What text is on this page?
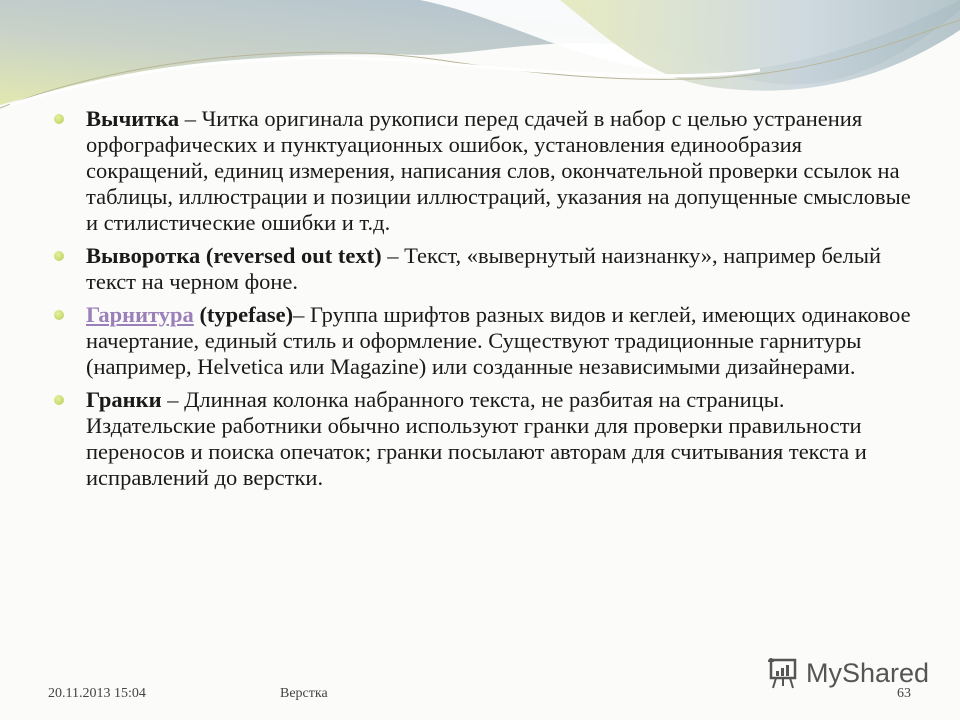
Вычитка – Читка оригинала рукописи перед сдачей в набор с целью устранения орфографических и пунктуационных ошибок, установления единообразия сокращений, единиц измерения, написания слов, окончательной проверки ссылок на таблицы, иллюстрации и позиции иллюстраций, указания на допущенные смысловые и стилистические ошибки и т.д.

Выворотка (reversed out text) – Текст, «вывернутый наизнанку», например белый текст на черном фоне.

Гарнитура (typefase)– Группа шрифтов разных видов и кеглей, имеющих одинаковое начертание, единый стиль и оформление. Существуют традиционные гарнитуры (например, Helvetica или Magazine) или созданные независимыми дизайнерами.

Гранки – Длинная колонка набранного текста, не разбитая на страницы. Издательские работники обычно используют гранки для проверки правильности переносов и поиска опечаток; гранки посылают авторам для считывания текста и исправлений до верстки.

MyShared
20.11.2013 15:04	Верстка	63
